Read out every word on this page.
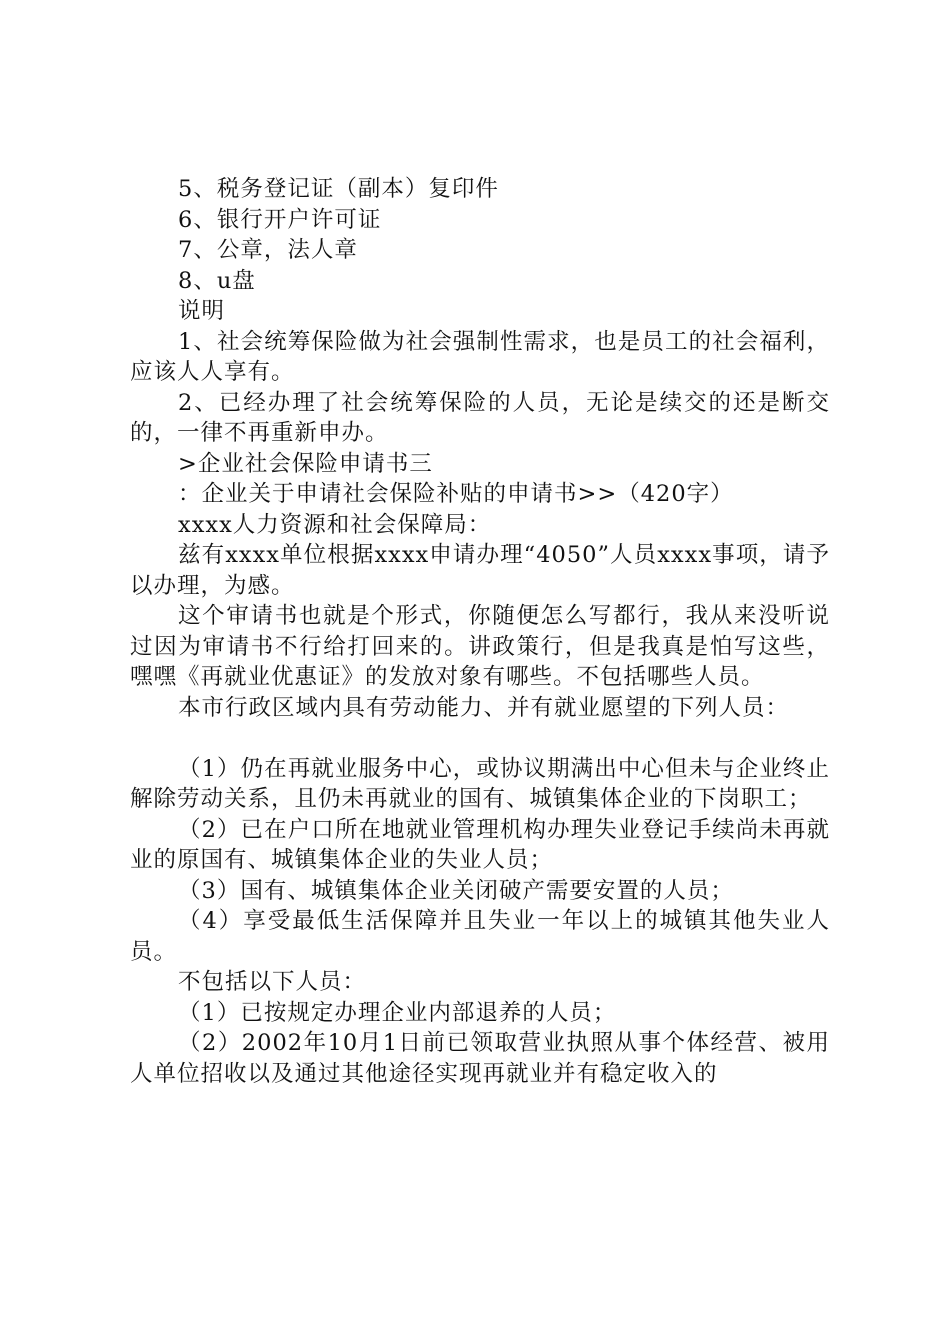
5、税务登记证（副本）复印件

6、银行开户许可证

7、公章，法人章

8、u盘

说明

1、社会统筹保险做为社会强制性需求，也是员工的社会福利，应该人人享有。

2、已经办理了社会统筹保险的人员，无论是续交的还是断交的，一律不再重新申办。

>企业社会保险申请书三

：企业关于申请社会保险补贴的申请书>>（420字）

xxxx人力资源和社会保障局：

兹有xxxx单位根据xxxx申请办理“4050”人员xxxx事项，请予以办理，为感。

这个审请书也就是个形式，你随便怎么写都行，我从来没听说过因为审请书不行给打回来的。讲政策行，但是我真是怕写这些，嘿嘿《再就业优惠证》的发放对象有哪些。不包括哪些人员。

本市行政区域内具有劳动能力、并有就业愿望的下列人员：

（1）仍在再就业服务中心，或协议期满出中心但未与企业终止解除劳动关系，且仍未再就业的国有、城镇集体企业的下岗职工；

（2）已在户口所在地就业管理机构办理失业登记手续尚未再就业的原国有、城镇集体企业的失业人员；

（3）国有、城镇集体企业关闭破产需要安置的人员；

（4）享受最低生活保障并且失业一年以上的城镇其他失业人员。

不包括以下人员：

（1）已按规定办理企业内部退养的人员；

（2）2002年10月1日前已领取营业执照从事个体经营、被用人单位招收以及通过其他途径实现再就业并有稳定收入的
